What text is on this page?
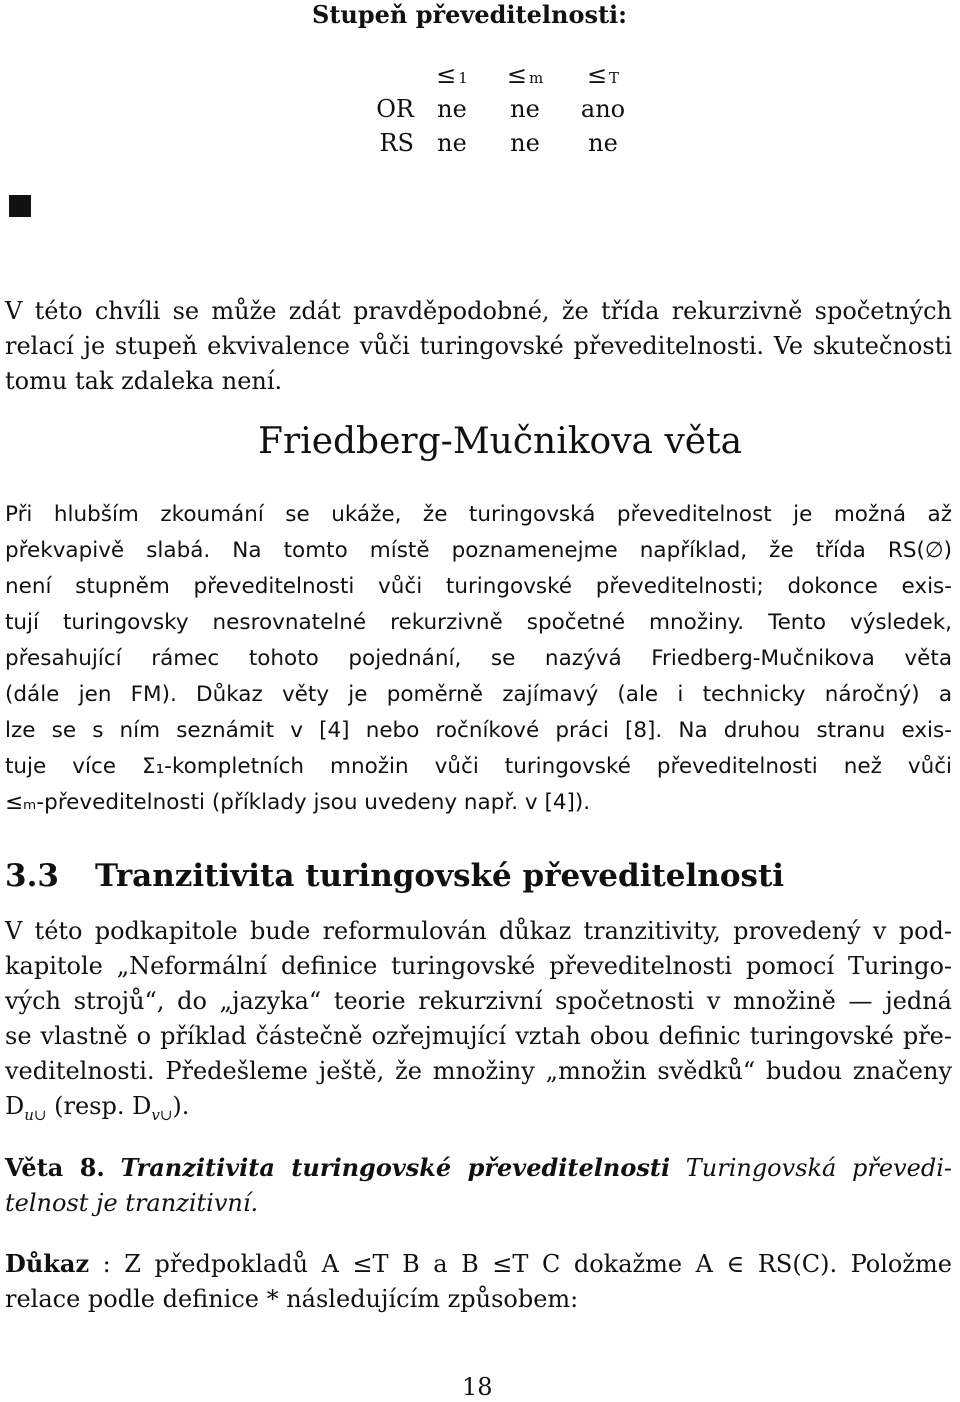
Stupeň převeditelnosti:
	≤ 1	≤ m	≤ T
OR	ne	ne	ano
RS	ne	ne	ne
V této chvíli se může zdát pravděpodobné, že třída rekurzivně spočetných
relací je stupeň ekvivalence vůči turingovské převeditelnosti. Ve skutečnosti
tomu tak zdaleka není.
Friedberg-Mučnikova věta
Při hlubším zkoumání se ukáže, že turingovská převeditelnost je možná až
překvapivě slabá. Na tomto místě poznamenejme například, že třída RS(∅)
není stupněm převeditelnosti vůči turingovské převeditelnosti; dokonce exis-
tují turingovsky nesrovnatelné rekurzivně spočetné množiny. Tento výsledek,
přesahující rámec tohoto pojednání, se nazývá Friedberg-Mučnikova věta
(dále jen FM). Důkaz věty je poměrně zajímavý (ale i technicky náročný) a
lze se s ním seznámit v [4] nebo ročníkové práci [8]. Na druhou stranu exis-
tuje více Σ₁-kompletních množin vůči turingovské převeditelnosti než vůči
≤ₘ-převeditelnosti (příklady jsou uvedeny např. v [4]).
3.3 Tranzitivita turingovské převeditelnosti
V této podkapitole bude reformulován důkaz tranzitivity, provedený v pod-
kapitole „Neformální definice turingovské převeditelnosti pomocí Turingo-
vých strojů“, do „jazyka“ teorie rekurzivní spočetnosti v množině — jedná
se vlastně o příklad částečně ozřejmující vztah obou definic turingovské pře-
veditelnosti. Předešleme ještě, že množiny „množin svědků“ budou značeny
$D_{u\cup}$ (resp. $D_{v\cup}$).
Věta 8. Tranzitivita turingovské převeditelnosti Turingovská převedi-
telnost je tranzitivní.
Důkaz : Z předpokladů A ≤T B a B ≤T C dokažme A ∈ RS(C). Položme
relace podle definice * následujícím způsobem:
18
